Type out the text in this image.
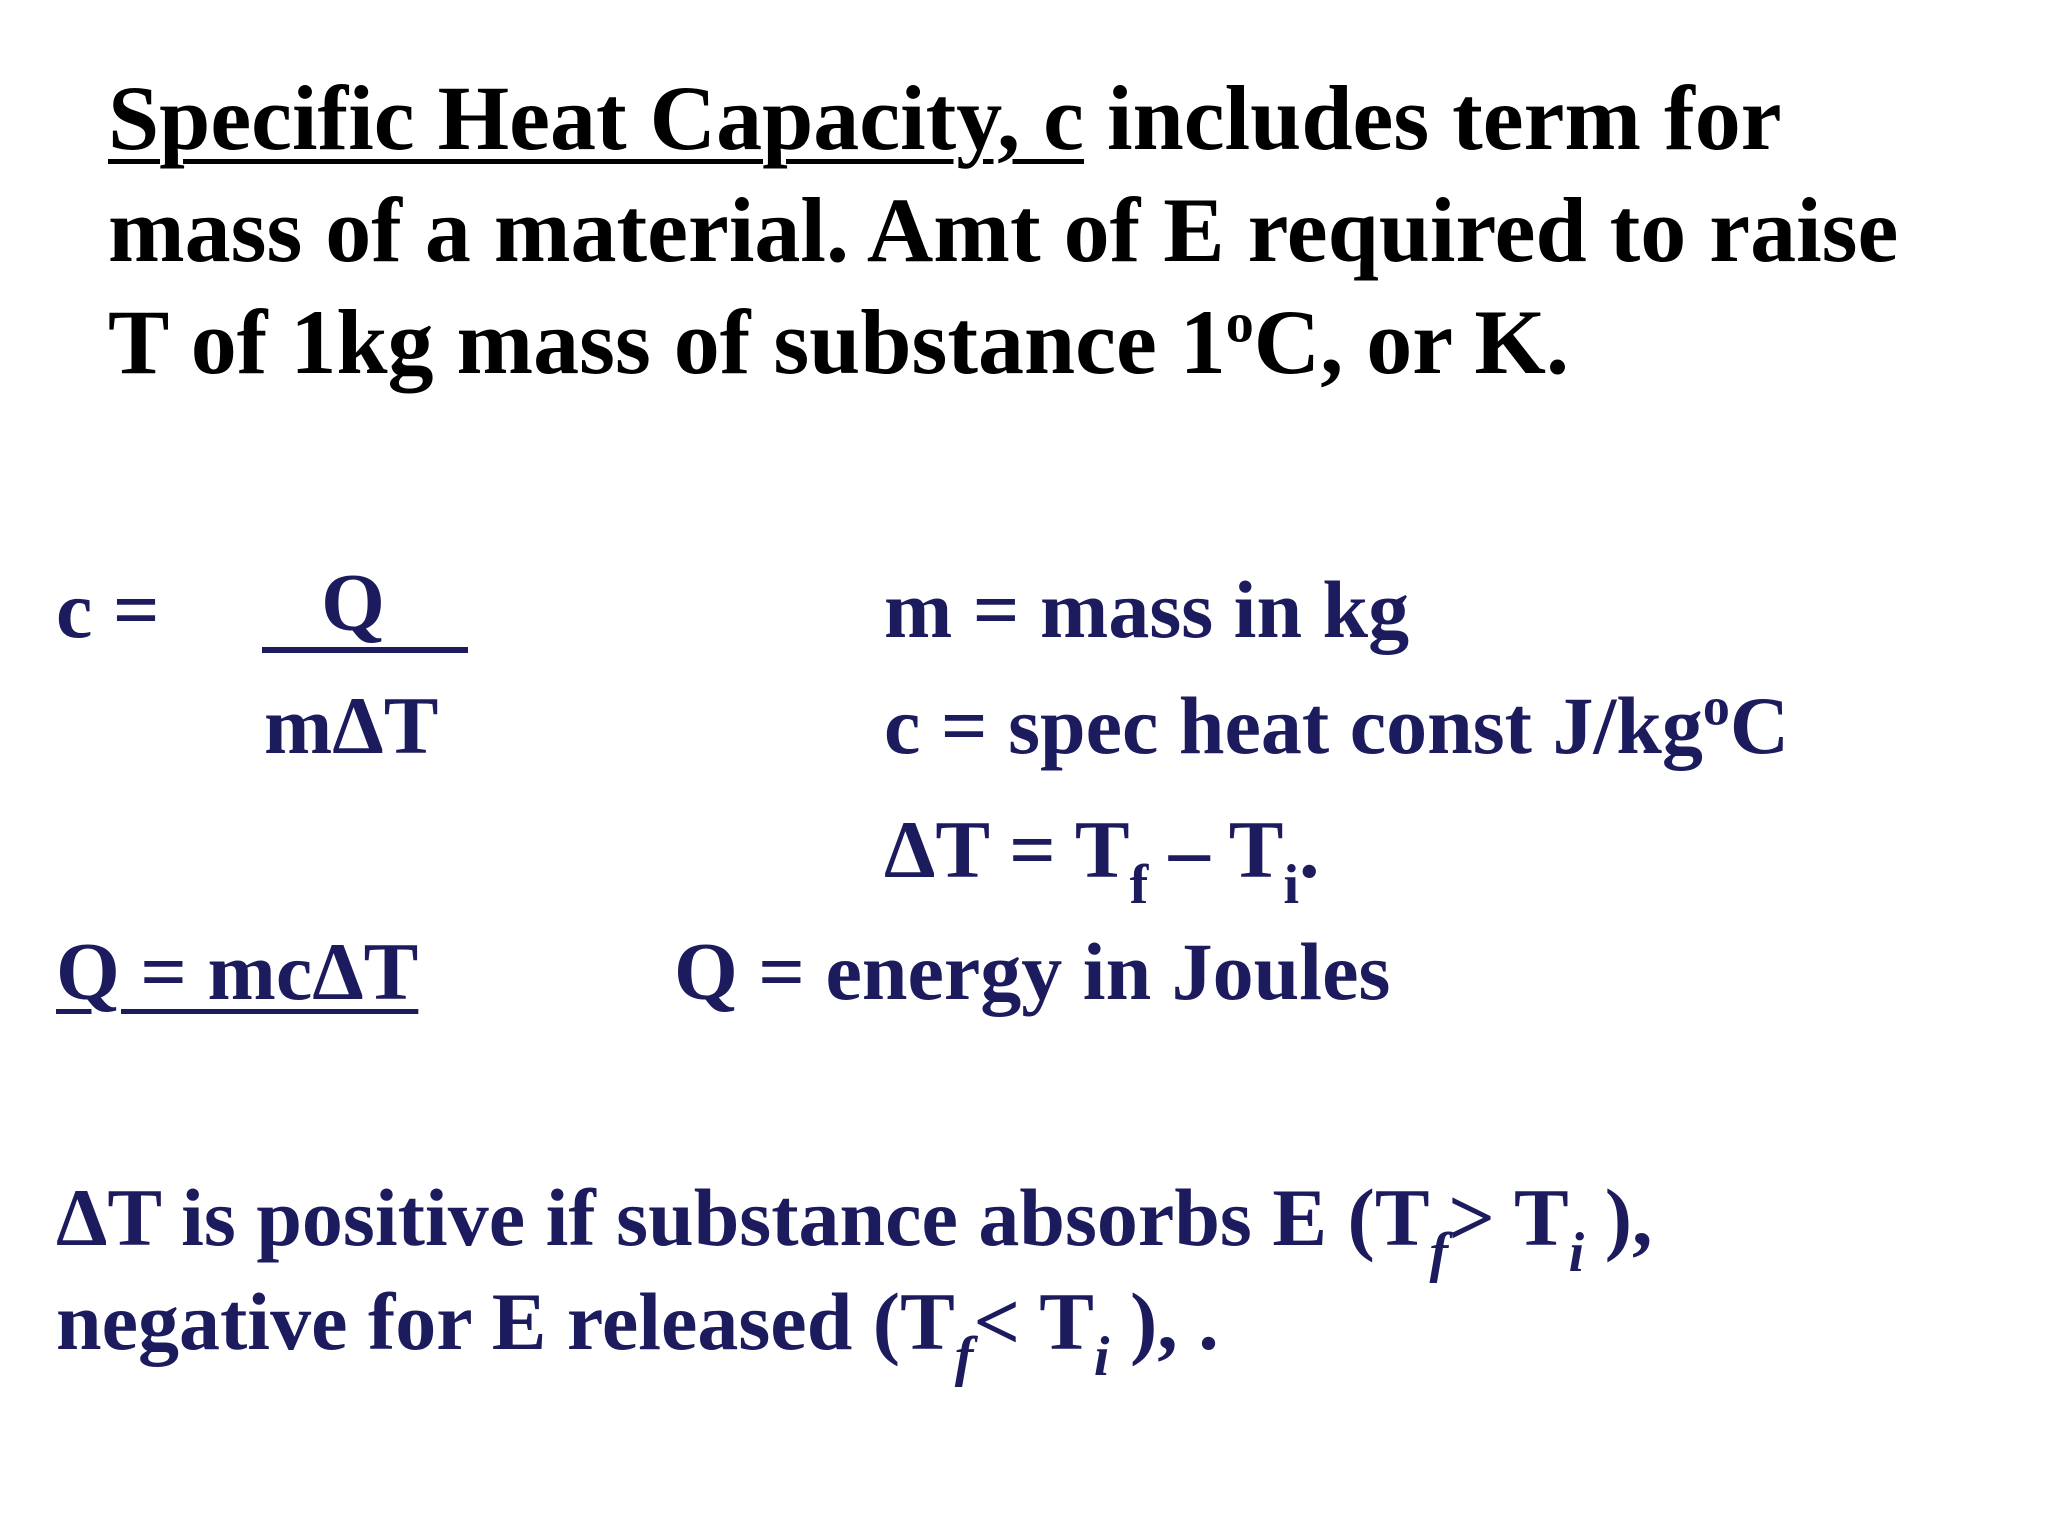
Specific Heat Capacity, c includes term for
mass of a material. Amt of E required to raise
T of 1kg mass of substance 1$^o$C, or K.
c =	Q
mΔT
m = mass in kg
c = spec heat const $J/kg^oC$
$\Delta T = T_f - T_i$.
Q = mcΔT	Q = energy in Joules
ΔT is positive if substance absorbs E ($T_f> T_i$ ),
negative for E released ($T_f< T_i$ ), .
